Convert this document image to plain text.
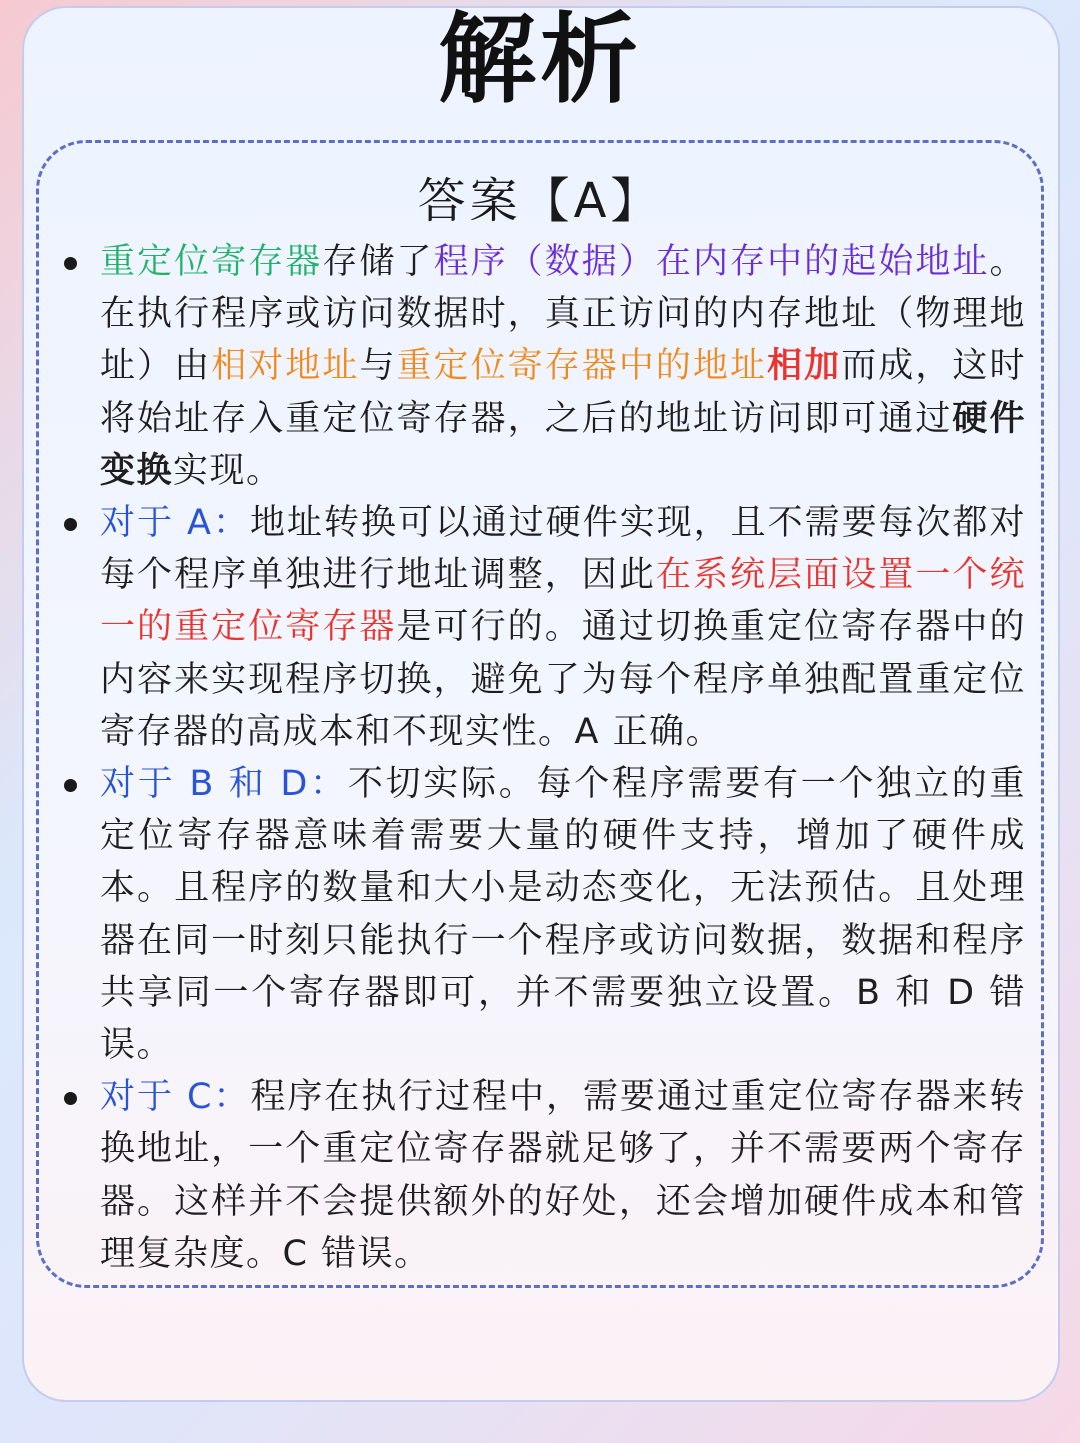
解析
答案【A】
重定位寄存器存储了程序（数据）在内存中的起始地址。在执行程序或访问数据时，真正访问的内存地址（物理地址）由相对地址与重定位寄存器中的地址相加而成，这时将始址存入重定位寄存器，之后的地址访问即可通过硬件变换实现。
对于 A：地址转换可以通过硬件实现，且不需要每次都对每个程序单独进行地址调整，因此在系统层面设置一个统一的重定位寄存器是可行的。通过切换重定位寄存器中的内容来实现程序切换，避免了为每个程序单独配置重定位寄存器的高成本和不现实性。A 正确。
对于 B 和 D：不切实际。每个程序需要有一个独立的重定位寄存器意味着需要大量的硬件支持，增加了硬件成本。且程序的数量和大小是动态变化，无法预估。且处理器在同一时刻只能执行一个程序或访问数据，数据和程序共享同一个寄存器即可，并不需要独立设置。B 和 D 错误。
对于 C：程序在执行过程中，需要通过重定位寄存器来转换地址，一个重定位寄存器就足够了，并不需要两个寄存器。这样并不会提供额外的好处，还会增加硬件成本和管理复杂度。C 错误。
